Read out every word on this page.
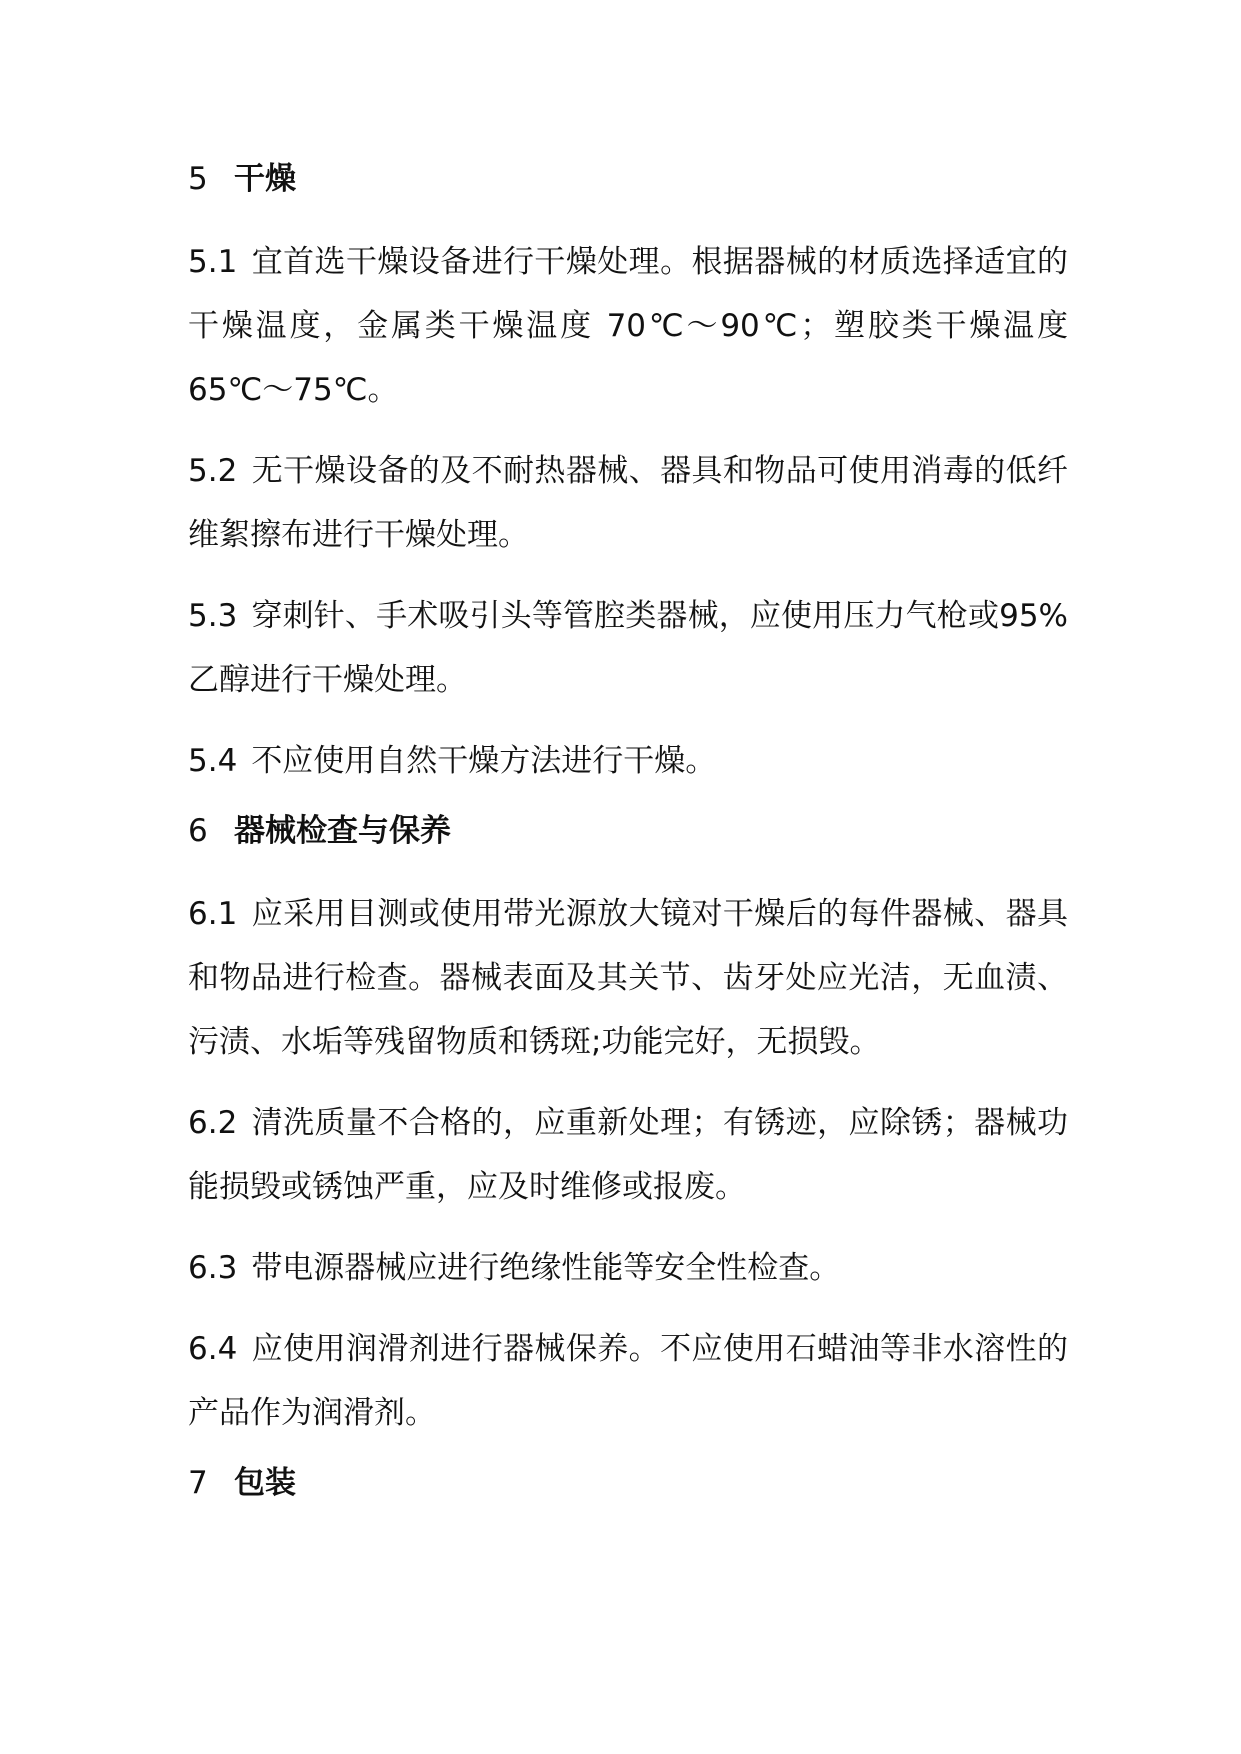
5 干燥

5.1 宜首选干燥设备进行干燥处理。根据器械的材质选择适宜的干燥温度，金属类干燥温度 70℃～90℃；塑胶类干燥温度 65℃～75℃。

5.2 无干燥设备的及不耐热器械、器具和物品可使用消毒的低纤维絮擦布进行干燥处理。

5.3 穿刺针、手术吸引头等管腔类器械，应使用压力气枪或95%乙醇进行干燥处理。

5.4 不应使用自然干燥方法进行干燥。

6 器械检查与保养

6.1 应采用目测或使用带光源放大镜对干燥后的每件器械、器具和物品进行检查。器械表面及其关节、齿牙处应光洁，无血渍、污渍、水垢等残留物质和锈斑;功能完好，无损毁。

6.2 清洗质量不合格的，应重新处理；有锈迹，应除锈；器械功能损毁或锈蚀严重，应及时维修或报废。

6.3 带电源器械应进行绝缘性能等安全性检查。

6.4 应使用润滑剂进行器械保养。不应使用石蜡油等非水溶性的产品作为润滑剂。

7 包装
